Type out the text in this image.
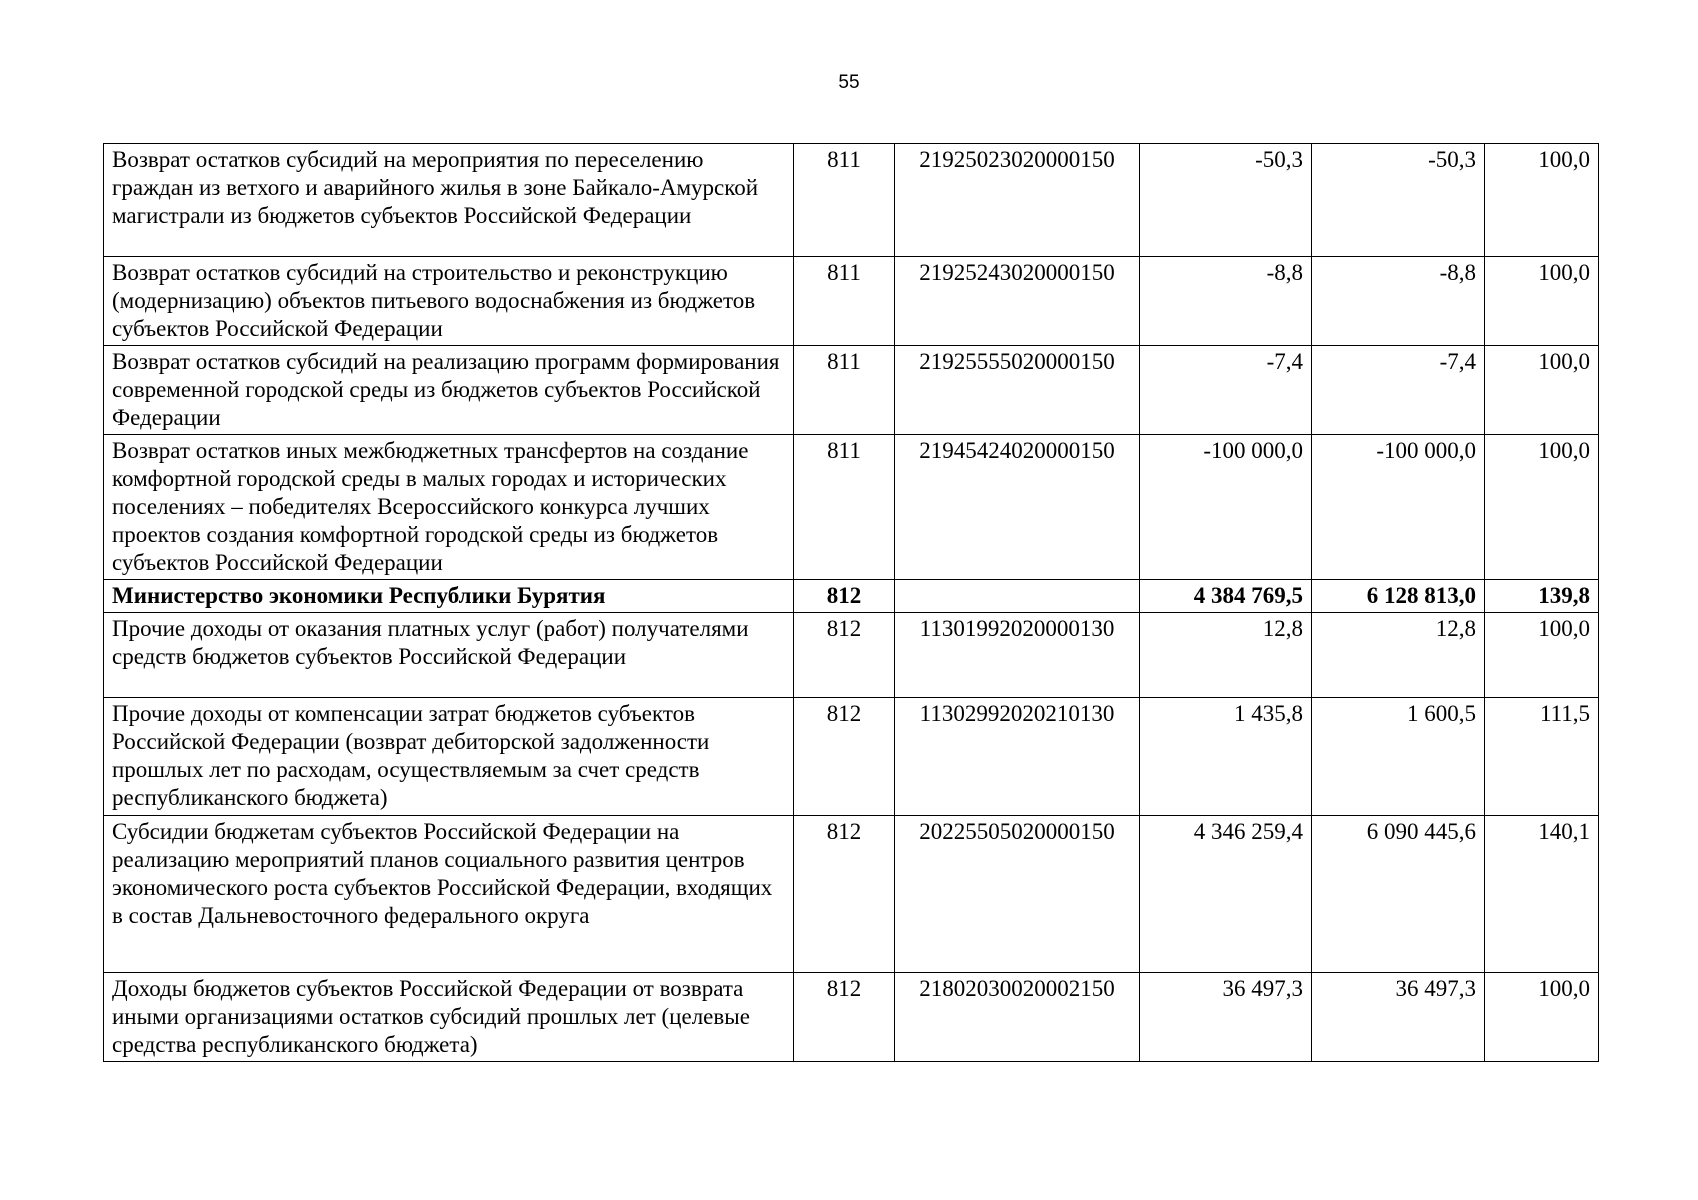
55
Возврат остатков субсидий на мероприятия по переселению граждан из ветхого и аварийного жилья в зоне Байкало-Амурской магистрали из бюджетов субъектов Российской Федерации	811	21925023020000150	-50,3	-50,3	100,0
Возврат остатков субсидий на строительство и реконструкцию (модернизацию) объектов питьевого водоснабжения из бюджетов субъектов Российской Федерации	811	21925243020000150	-8,8	-8,8	100,0
Возврат остатков субсидий на реализацию программ формирования современной городской среды из бюджетов субъектов Российской Федерации	811	21925555020000150	-7,4	-7,4	100,0
Возврат остатков иных межбюджетных трансфертов на создание комфортной городской среды в малых городах и исторических поселениях – победителях Всероссийского конкурса лучших проектов создания комфортной городской среды из бюджетов субъектов Российской Федерации	811	21945424020000150	-100 000,0	-100 000,0	100,0
Министерство экономики Республики Бурятия	812		4 384 769,5	6 128 813,0	139,8
Прочие доходы от оказания платных услуг (работ) получателями средств бюджетов субъектов Российской Федерации	812	11301992020000130	12,8	12,8	100,0
Прочие доходы от компенсации затрат бюджетов субъектов Российской Федерации (возврат дебиторской задолженности прошлых лет по расходам, осуществляемым за счет средств республиканского бюджета)	812	11302992020210130	1 435,8	1 600,5	111,5
Субсидии бюджетам субъектов Российской Федерации на реализацию мероприятий планов социального развития центров экономического роста субъектов Российской Федерации, входящих в состав Дальневосточного федерального округа	812	20225505020000150	4 346 259,4	6 090 445,6	140,1
Доходы бюджетов субъектов Российской Федерации от возврата иными организациями остатков субсидий прошлых лет (целевые средства республиканского бюджета)	812	21802030020002150	36 497,3	36 497,3	100,0
